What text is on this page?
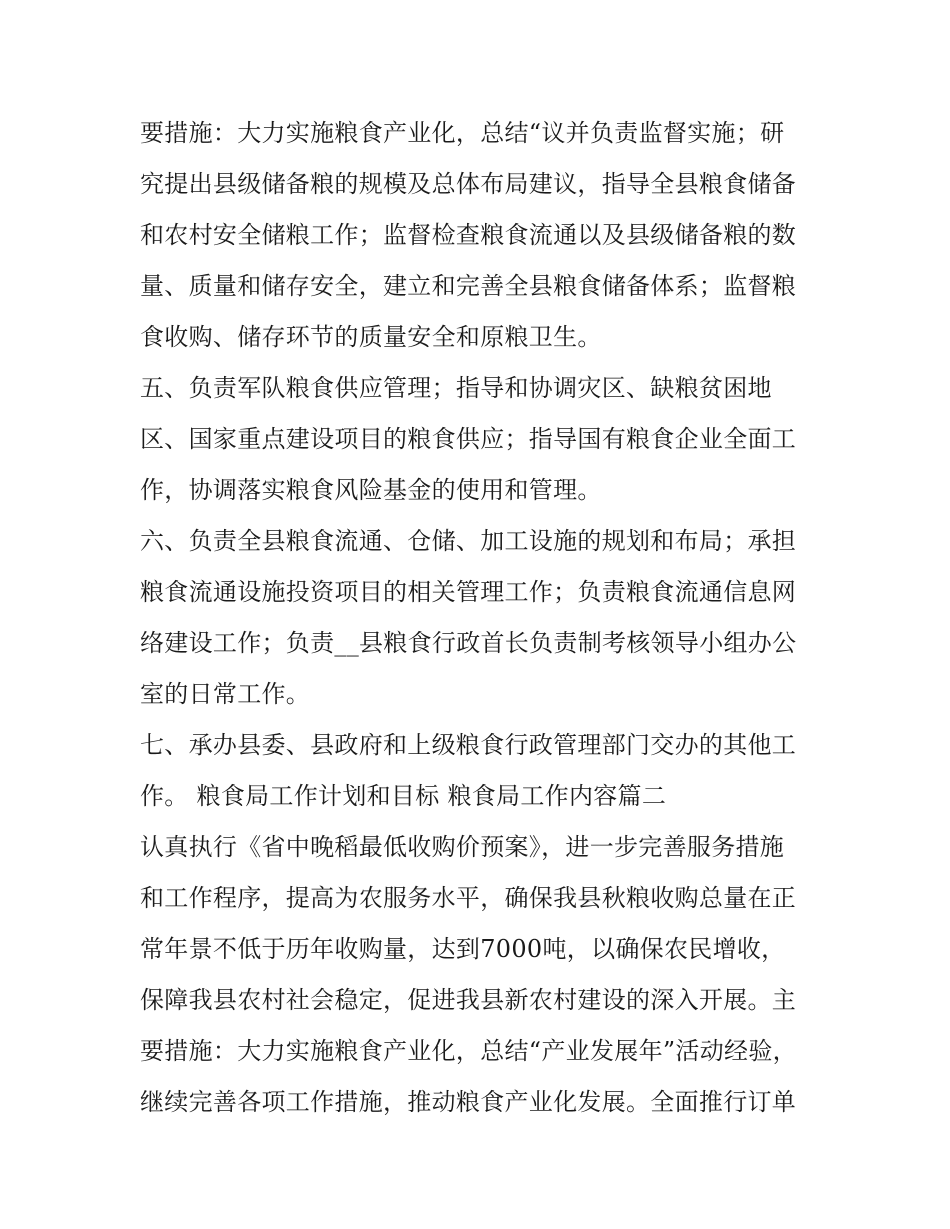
要措施：大力实施粮食产业化，总结“议并负责监督实施；研
究提出县级储备粮的规模及总体布局建议，指导全县粮食储备
和农村安全储粮工作；监督检查粮食流通以及县级储备粮的数
量、质量和储存安全，建立和完善全县粮食储备体系；监督粮
食收购、储存环节的质量安全和原粮卫生。
五、负责军队粮食供应管理；指导和协调灾区、缺粮贫困地
区、国家重点建设项目的粮食供应；指导国有粮食企业全面工
作，协调落实粮食风险基金的使用和管理。
六、负责全县粮食流通、仓储、加工设施的规划和布局；承担
粮食流通设施投资项目的相关管理工作；负责粮食流通信息网
络建设工作；负责__县粮食行政首长负责制考核领导小组办公
室的日常工作。
七、承办县委、县政府和上级粮食行政管理部门交办的其他工
作。 粮食局工作计划和目标 粮食局工作内容篇二
认真执行《省中晚稻最低收购价预案》，进一步完善服务措施
和工作程序，提高为农服务水平，确保我县秋粮收购总量在正
常年景不低于历年收购量，达到7000吨，以确保农民增收，
保障我县农村社会稳定，促进我县新农村建设的深入开展。主
要措施：大力实施粮食产业化，总结“产业发展年”活动经验，
继续完善各项工作措施，推动粮食产业化发展。全面推行订单
